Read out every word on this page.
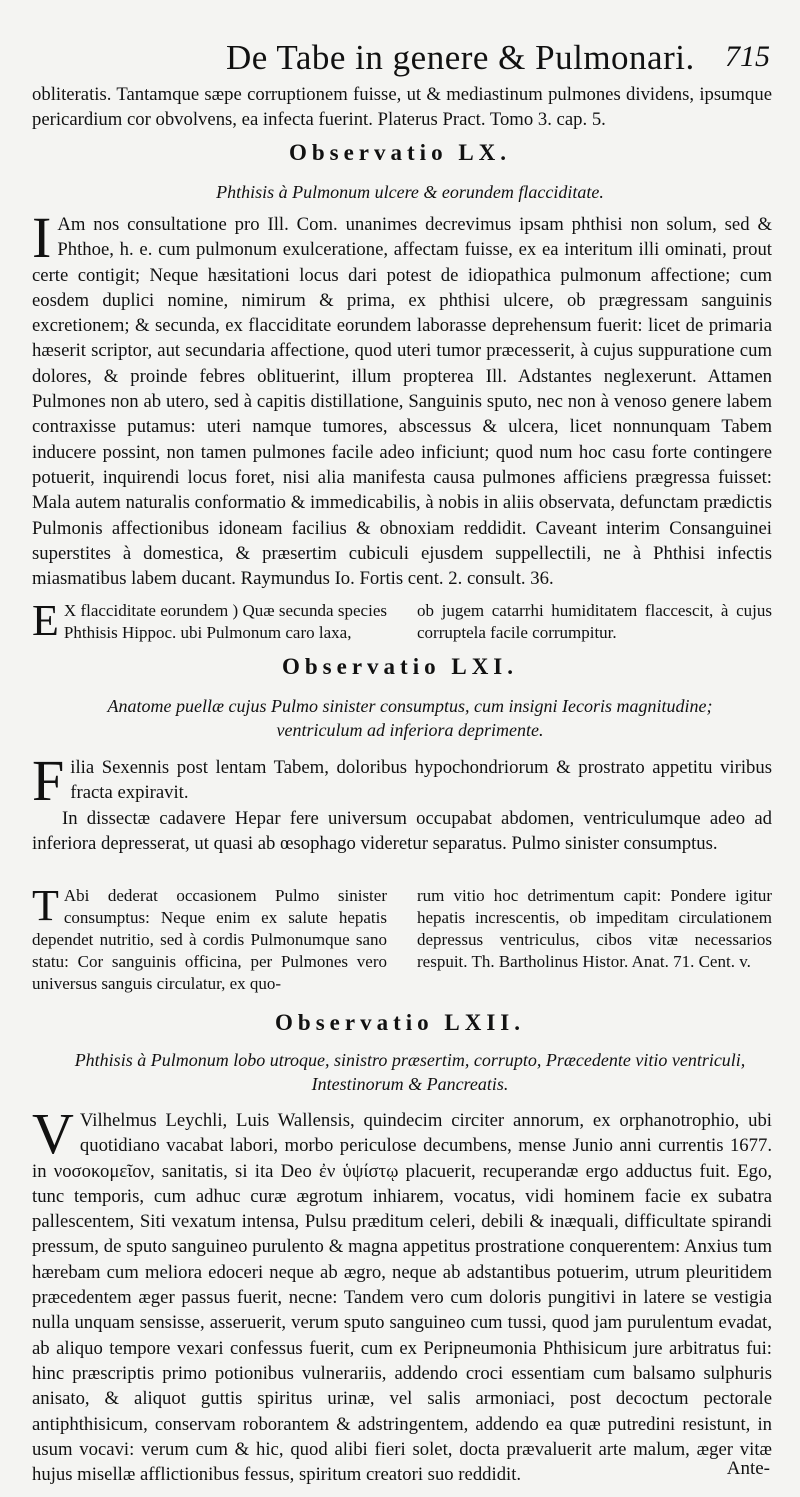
De Tabe in genere & Pulmonari. 715

obliteratis. Tantamque sæpe corruptionem fuisse, ut & mediastinum pulmones dividens, ipsumque pericardium cor obvolvens, ea infecta fuerint. Platerus Pract. Tomo 3. cap. 5.

Observatio LX.
Phthisis à Pulmonum ulcere & eorundem flacciditate.

I Am nos consultatione pro Ill. Com. unanimes decrevimus ipsam phthisi non solum, sed & Phthoe, h. e. cum pulmonum exulceratione, affectam fuisse, ex ea interitum illi ominati, prout certe contigit; Neque hæsitationi locus dari potest de idiopathica pulmonum affectione; cum eosdem duplici nomine, nimirum & prima, ex phthisi ulcere, ob prægressam sanguinis excretionem; & secunda, ex flacciditate eorundem laborasse deprehensum fuerit: licet de primaria hæserit scriptor, aut secundaria affectione, quod uteri tumor præcesserit, à cujus suppuratione cum dolores, & proinde febres oblituerint, illum propterea Ill. Adstantes neglexerunt. Attamen Pulmones non ab utero, sed à capitis distillatione, Sanguinis sputo, nec non à venoso genere labem contraxisse putamus: uteri namque tumores, abscessus & ulcera, licet nonnunquam Tabem inducere possint, non tamen pulmones facile adeo inficiunt; quod num hoc casu forte contingere potuerit, inquirendi locus foret, nisi alia manifesta causa pulmones afficiens prægressa fuisset: Mala autem naturalis conformatio & immedicabilis, à nobis in aliis observata, defunctam prædictis Pulmonis affectionibus idoneam facilius & obnoxiam reddidit. Caveant interim Consanguinei superstites à domestica, & præsertim cubiculi ejusdem suppellectili, ne à Phthisi infectis miasmatibus labem ducant. Raymundus Io. Fortis cent. 2. consult. 36.

E X flacciditate eorundem ) Quæ secunda species Phthisis Hippoc. ubi Pulmonum caro laxa,
ob jugem catarrhi humiditatem flaccescit, à cujus corruptela facile corrumpitur.
Observatio LXI.
Anatome puellæ cujus Pulmo sinister consumptus, cum insigni Iecoris magnitudine; ventriculum ad inferiora deprimente.

Filia Sexennis post lentam Tabem, doloribus hypochondriorum & prostrato appetitu viribus fracta expiravit.

In dissectæ cadavere Hepar fere universum occupabat abdomen, ventriculumque adeo ad inferiora depresserat, ut quasi ab œsophago videretur separatus. Pulmo sinister consumptus.

T Abi dederat occasionem Pulmo sinister consumptus: Neque enim ex salute hepatis dependet nutritio, sed à cordis Pulmonumque sano statu: Cor sanguinis officina, per Pulmones vero universus sanguis circulatur, ex quo-
rum vitio hoc detrimentum capit: Pondere igitur hepatis increscentis, ob impeditam circulationem depressus ventriculus, cibos vitæ necessarios respuit. Th. Bartholinus Histor. Anat. 71. Cent. v.
Observatio LXII.
Phthisis à Pulmonum lobo utroque, sinistro præsertim, corrupto, Præcedente vitio ventriculi, Intestinorum & Pancreatis.

V Vilhelmus Leychli, Luis Wallensis, quindecim circiter annorum, ex orphanotrophio, ubi quotidiano vacabat labori, morbo periculose decumbens, mense Junio anni currentis 1677. in νοσοκομεῖον, sanitatis, si ita Deo ἐν ὑψίστῳ placuerit, recuperandæ ergo adductus fuit. Ego, tunc temporis, cum adhuc curæ ægrotum inhiarem, vocatus, vidi hominem facie ex subatra pallescentem, Siti vexatum intensa, Pulsu præditum celeri, debili & inæquali, difficultate spirandi pressum, de sputo sanguineo purulento & magna appetitus prostratione conquerentem: Anxius tum hærebam cum meliora edoceri neque ab ægro, neque ab adstantibus potuerim, utrum pleuritidem præcedentem æger passus fuerit, necne: Tandem vero cum doloris pungitivi in latere se vestigia nulla unquam sensisse, asseruerit, verum sputo sanguineo cum tussi, quod jam purulentum evadat, ab aliquo tempore vexari confessus fuerit, cum ex Peripneumonia Phthisicum jure arbitratus fui: hinc præscriptis primo potionibus vulnerariis, addendo croci essentiam cum balsamo sulphuris anisato, & aliquot guttis spiritus urinæ, vel salis armoniaci, post decoctum pectorale antiphthisicum, conservam roborantem & adstringentem, addendo ea quæ putredini resistunt, in usum vocavi: verum cum & hic, quod alibi fieri solet, docta prævaluerit arte malum, æger vitæ hujus misellæ afflictionibus fessus, spiritum creatori suo reddidit.	Ante-
